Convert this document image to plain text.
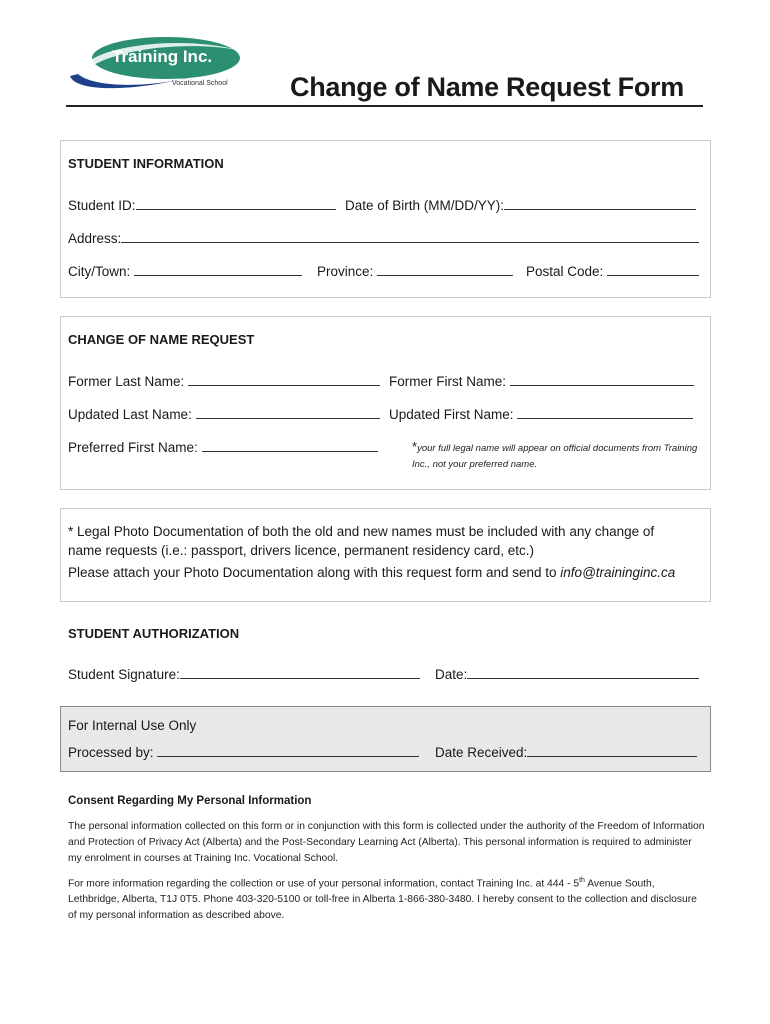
Training Inc.
Vocational School Change of Name Request Form
STUDENT INFORMATION
Student ID:	Date of Birth (MM/DD/YY):
Address:
City/Town:	Province:	Postal Code:
CHANGE OF NAME REQUEST
Former Last Name:	Former First Name:
Updated Last Name:	Updated First Name:
Preferred First Name:	*your full legal name will appear on official documents from Training Inc., not your preferred name.
* Legal Photo Documentation of both the old and new names must be included with any change of name requests (i.e.: passport, drivers licence, permanent residency card, etc.)
Please attach your Photo Documentation along with this request form and send to info@traininginc.ca
STUDENT AUTHORIZATION
Student Signature:	Date:
For Internal Use Only
Processed by:	Date Received:
Consent Regarding My Personal Information
The personal information collected on this form or in conjunction with this form is collected under the authority of the Freedom of Information and Protection of Privacy Act (Alberta) and the Post-Secondary Learning Act (Alberta). This personal information is required to administer my enrolment in courses at Training Inc. Vocational School.
For more information regarding the collection or use of your personal information, contact Training Inc. at 444 - 5th Avenue South, Lethbridge, Alberta, T1J 0T5. Phone 403-320-5100 or toll-free in Alberta 1-866-380-3480. I hereby consent to the collection and disclosure of my personal information as described above.
